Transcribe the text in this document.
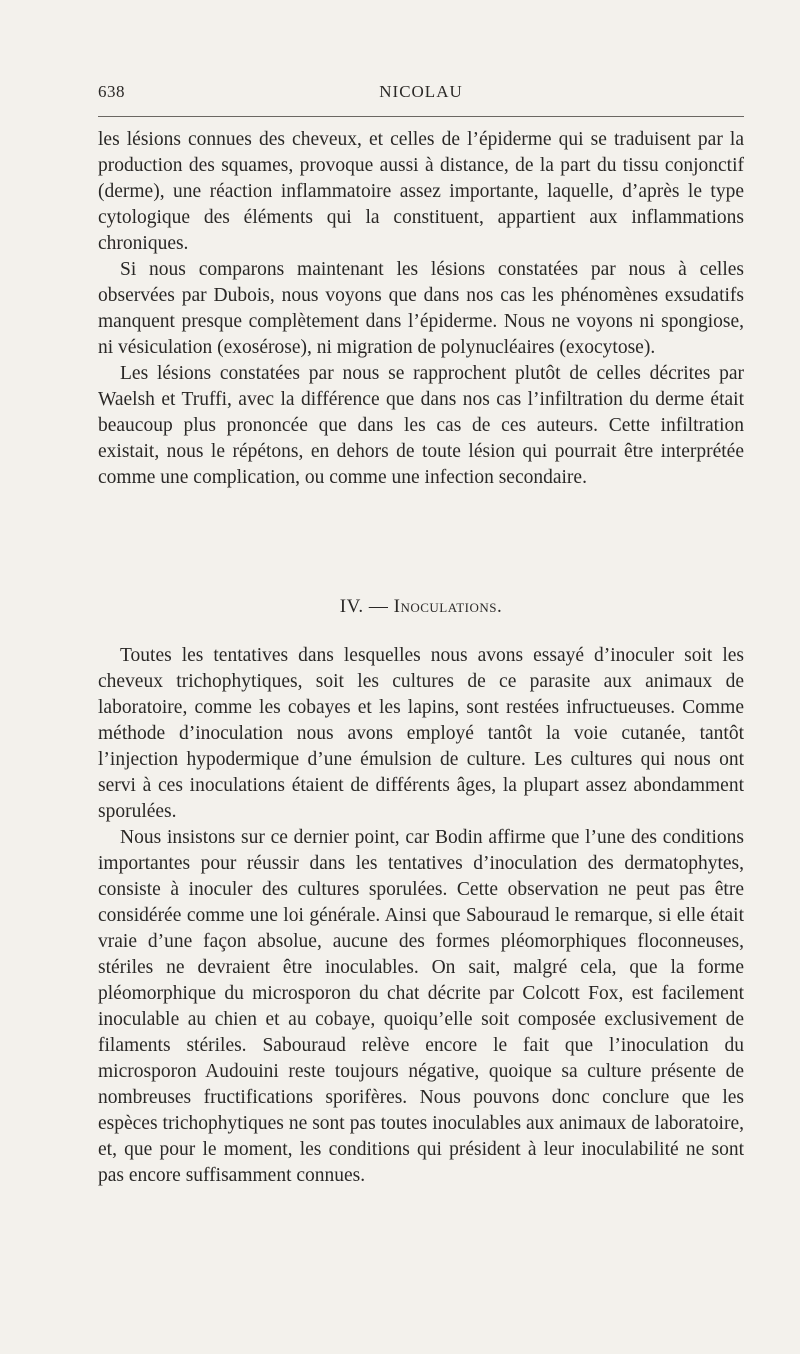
638	NICOLAU

les lésions connues des cheveux, et celles de l’épiderme qui se traduisent par la production des squames, provoque aussi à distance, de la part du tissu conjonctif (derme), une réaction inflammatoire assez importante, laquelle, d’après le type cytologique des éléments qui la constituent, appartient aux inflammations chroniques.

Si nous comparons maintenant les lésions constatées par nous à celles observées par Dubois, nous voyons que dans nos cas les phénomènes exsudatifs manquent presque complètement dans l’épiderme. Nous ne voyons ni spongiose, ni vésiculation (exosérose), ni migration de polynucléaires (exocytose).

Les lésions constatées par nous se rapprochent plutôt de celles décrites par Waelsh et Truffi, avec la différence que dans nos cas l’infiltration du derme était beaucoup plus prononcée que dans les cas de ces auteurs. Cette infiltration existait, nous le répétons, en dehors de toute lésion qui pourrait être interprétée comme une complication, ou comme une infection secondaire.

IV. — Inoculations.

Toutes les tentatives dans lesquelles nous avons essayé d’inoculer soit les cheveux trichophytiques, soit les cultures de ce parasite aux animaux de laboratoire, comme les cobayes et les lapins, sont restées infructueuses. Comme méthode d’inoculation nous avons employé tantôt la voie cutanée, tantôt l’injection hypodermique d’une émulsion de culture. Les cultures qui nous ont servi à ces inoculations étaient de différents âges, la plupart assez abondamment sporulées.

Nous insistons sur ce dernier point, car Bodin affirme que l’une des conditions importantes pour réussir dans les tentatives d’inoculation des dermatophytes, consiste à inoculer des cultures sporulées. Cette observation ne peut pas être considérée comme une loi générale. Ainsi que Sabouraud le remarque, si elle était vraie d’une façon absolue, aucune des formes pléomorphiques floconneuses, stériles ne devraient être inoculables. On sait, malgré cela, que la forme pléomorphique du microsporon du chat décrite par Colcott Fox, est facilement inoculable au chien et au cobaye, quoiqu’elle soit composée exclusivement de filaments stériles. Sabouraud relève encore le fait que l’inoculation du microsporon Audouini reste toujours négative, quoique sa culture présente de nombreuses fructifications sporifères. Nous pouvons donc conclure que les espèces trichophytiques ne sont pas toutes inoculables aux animaux de laboratoire, et, que pour le moment, les conditions qui président à leur inoculabilité ne sont pas encore suffisamment connues.
